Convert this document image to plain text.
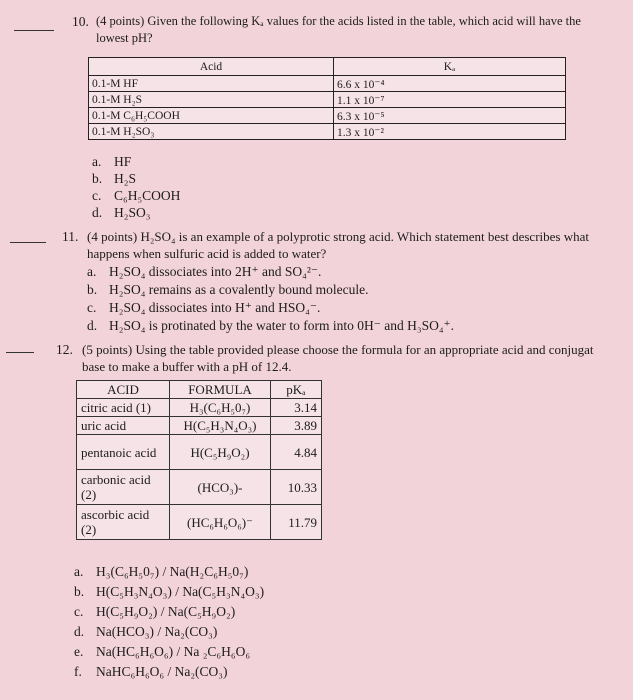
10. (4 points) Given the following Kₐ values for the acids listed in the table, which acid will have the
lowest pH?
Acid	Kₐ
0.1-M HF	6.6 x 10⁻⁴
0.1-M H₂S	1.1 x 10⁻⁷
0.1-M C₆H₅COOH	6.3 x 10⁻⁵
0.1-M H₂SO₃	1.3 x 10⁻²
a. HF
b. H₂S
c. C₆H₅COOH
d. H₂SO₃
11. (4 points) H₂SO₄ is an example of a polyprotic strong acid. Which statement best describes what
happens when sulfuric acid is added to water?
a. H₂SO₄ dissociates into 2H⁺ and SO₄²⁻.
b. H₂SO₄ remains as a covalently bound molecule.
c. H₂SO₄ dissociates into H⁺ and HSO₄⁻.
d. H₂SO₄ is protinated by the water to form into 0H⁻ and H₃SO₄⁺.
12. (5 points) Using the table provided please choose the formula for an appropriate acid and conjugat
base to make a buffer with a pH of 12.4.
ACID	FORMULA	pKₐ
citric acid (1)	H₃(C₆H₅0₇)	3.14
uric acid	H(C₅H₃N₄O₃)	3.89
pentanoic acid	H(C₅H₉O₂)	4.84
carbonic acid (2)	(HCO₃)-	10.33
ascorbic acid (2)	(HC₆H₆O₆)⁻	11.79
a. H₃(C₆H₅0₇) / Na(H₂C₆H₅0₇)
b. H(C₅H₃N₄O₃) / Na(C₅H₃N₄O₃)
c. H(C₅H₉O₂) / Na(C₅H₉O₂)
d. Na(HCO₃) / Na₂(CO₃)
e. Na(HC₆H₆O₆) / Na ₂C₆H₆O₆
f. NaHC₆H₆O₆ / Na₂(CO₃)
